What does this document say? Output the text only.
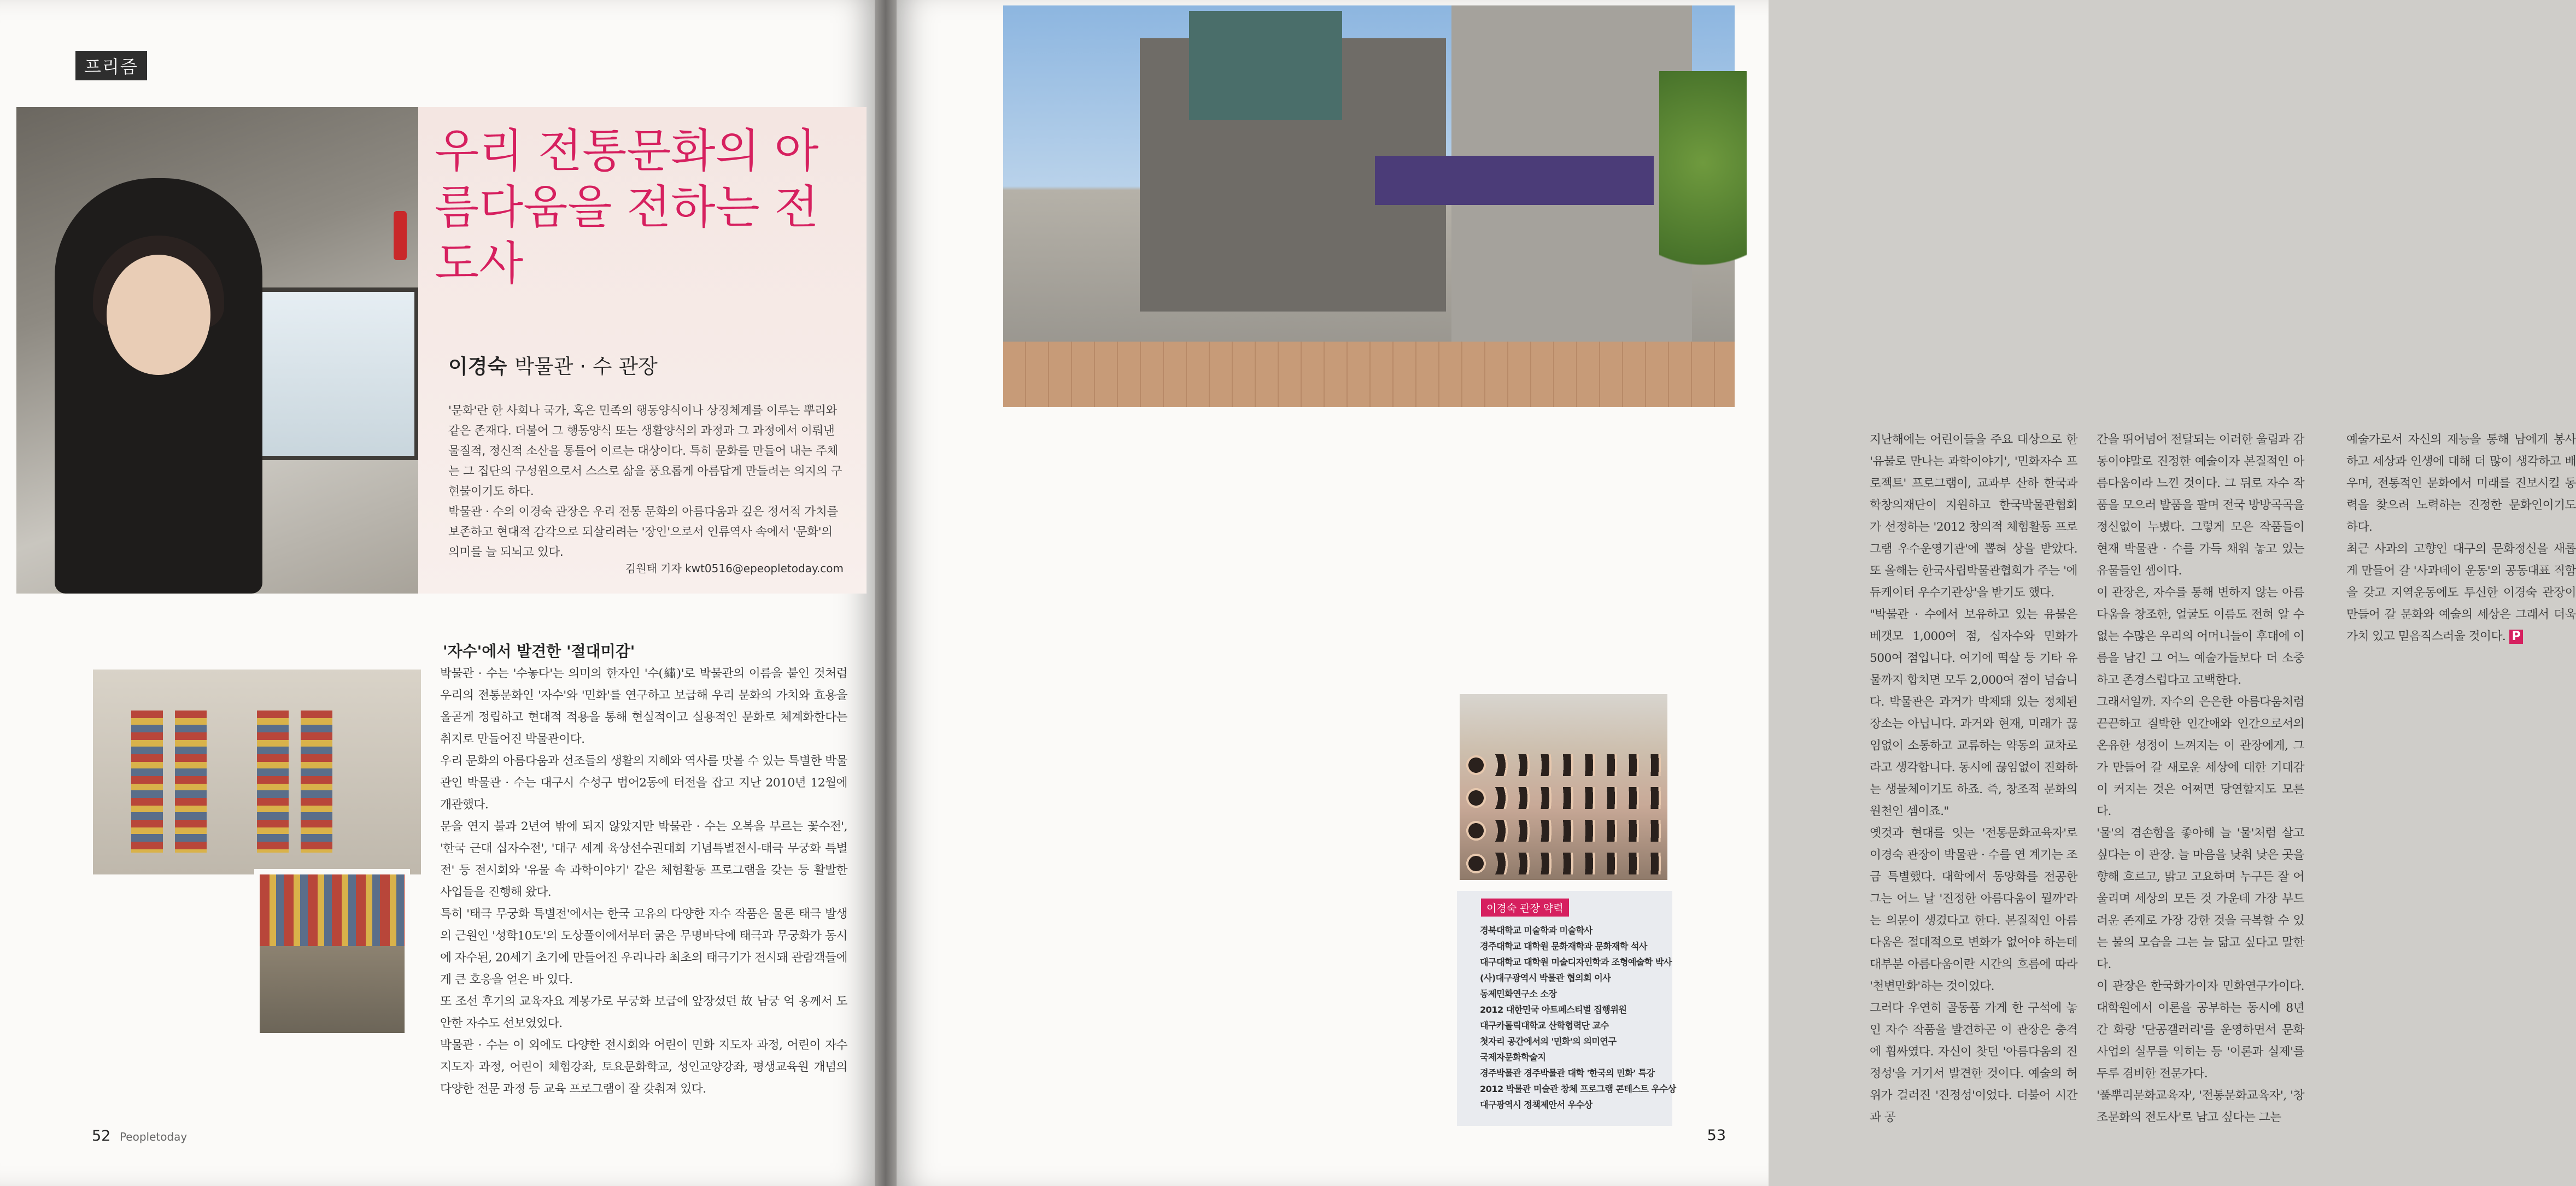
프리즘
우리 전통문화의 아름다움을 전하는 전도사
이경숙 박물관 · 수 관장

'문화'란 한 사회나 국가, 혹은 민족의 행동양식이나 상징체계를 이루는 뿌리와 같은 존재다. 더불어 그 행동양식 또는 생활양식의 과정과 그 과정에서 이뤄낸 물질적, 정신적 소산을 통틀어 이르는 대상이다. 특히 문화를 만들어 내는 주체는 그 집단의 구성원으로서 스스로 삶을 풍요롭게 아름답게 만들려는 의지의 구현물이기도 하다.

박물관 · 수의 이경숙 관장은 우리 전통 문화의 아름다움과 깊은 정서적 가치를 보존하고 현대적 감각으로 되살리려는 '장인'으로서 인류역사 속에서 '문화'의 의미를 늘 되뇌고 있다.

김원태 기자 kwt0516@epeopletoday.com
'자수'에서 발견한 '절대미감'

박물관 · 수는 '수놓다'는 의미의 한자인 '수(繡)'로 박물관의 이름을 붙인 것처럼 우리의 전통문화인 '자수'와 '민화'를 연구하고 보급해 우리 문화의 가치와 효용을 올곧게 정립하고 현대적 적용을 통해 현실적이고 실용적인 문화로 체계화한다는 취지로 만들어진 박물관이다.

우리 문화의 아름다움과 선조들의 생활의 지혜와 역사를 맛볼 수 있는 특별한 박물관인 박물관 · 수는 대구시 수성구 범어2동에 터전을 잡고 지난 2010년 12월에 개관했다.

문을 연지 불과 2년여 밖에 되지 않았지만 박물관 · 수는 오복을 부르는 꽃수전', '한국 근대 십자수전', '대구 세계 육상선수권대회 기념특별전시-태극 무궁화 특별전' 등 전시회와 '유물 속 과학이야기' 같은 체험활동 프로그램을 갖는 등 활발한 사업들을 진행해 왔다.

특히 '태극 무궁화 특별전'에서는 한국 고유의 다양한 자수 작품은 물론 태극 발생의 근원인 '성학10도'의 도상풀이에서부터 굵은 무명바닥에 태극과 무궁화가 동시에 자수된, 20세기 초기에 만들어진 우리나라 최초의 태극기가 전시돼 관람객들에게 큰 호응을 얻은 바 있다.

또 조선 후기의 교육자요 계몽가로 무궁화 보급에 앞장섰던 故 남궁 억 옹께서 도안한 자수도 선보였었다.

박물관 · 수는 이 외에도 다양한 전시회와 어린이 민화 지도자 과정, 어린이 자수 지도자 과정, 어린이 체험강좌, 토요문화학교, 성인교양강좌, 평생교육원 개념의 다양한 전문 과정 등 교육 프로그램이 잘 갖춰져 있다.

52 Peopletoday

지난해에는 어린이들을 주요 대상으로 한 '유물로 만나는 과학이야기', '민화자수 프로젝트' 프로그램이, 교과부 산하 한국과학창의재단이 지원하고 한국박물관협회가 선정하는 '2012 창의적 체험활동 프로그램 우수운영기관'에 뽑혀 상을 받았다. 또 올해는 한국사립박물관협회가 주는 '에듀케이터 우수기관상'을 받기도 했다.

"박물관 · 수에서 보유하고 있는 유물은 베갯모 1,000여 점, 십자수와 민화가 500여 점입니다. 여기에 떡살 등 기타 유물까지 합치면 모두 2,000여 점이 넘습니다. 박물관은 과거가 박제돼 있는 정체된 장소는 아닙니다. 과거와 현재, 미래가 끊임없이 소통하고 교류하는 약동의 교차로라고 생각합니다. 동시에 끊임없이 진화하는 생물체이기도 하죠. 즉, 창조적 문화의 원천인 셈이죠."

옛것과 현대를 잇는 '전통문화교육자'로 이경숙 관장이 박물관 · 수를 연 계기는 조금 특별했다. 대학에서 동양화를 전공한 그는 어느 날 '진정한 아름다움이 뭘까'라는 의문이 생겼다고 한다. 본질적인 아름다움은 절대적으로 변화가 없어야 하는데 대부분 아름다움이란 시간의 흐름에 따라 '천변만화'하는 것이었다.

그러다 우연히 골동품 가게 한 구석에 놓인 자수 작품을 발견하곤 이 관장은 충격에 휩싸였다. 자신이 찾던 '아름다움의 진정성'을 거기서 발견한 것이다. 예술의 허위가 걸러진 '진정성'이었다. 더불어 시간과 공

간을 뛰어넘어 전달되는 이러한 울림과 감동이야말로 진정한 예술이자 본질적인 아름다움이라 느낀 것이다. 그 뒤로 자수 작품을 모으러 발품을 팔며 전국 방방곡곡을 정신없이 누볐다. 그렇게 모은 작품들이 현재 박물관 · 수를 가득 채워 놓고 있는 유물들인 셈이다.

이 관장은, 자수를 통해 변하지 않는 아름다움을 창조한, 얼굴도 이름도 전혀 알 수 없는 수많은 우리의 어머니들이 후대에 이름을 남긴 그 어느 예술가들보다 더 소중하고 존경스럽다고 고백한다.

그래서일까. 자수의 은은한 아름다움처럼 끈끈하고 질박한 인간애와 인간으로서의 온유한 성정이 느껴지는 이 관장에게, 그가 만들어 갈 새로운 세상에 대한 기대감이 커지는 것은 어쩌면 당연할지도 모른다.

'물'의 겸손함을 좋아해 늘 '물'처럼 살고 싶다는 이 관장. 늘 마음을 낮춰 낮은 곳을 향해 흐르고, 맑고 고요하며 누구든 잘 어울리며 세상의 모든 것 가운데 가장 부드러운 존재로 가장 강한 것을 극복할 수 있는 물의 모습을 그는 늘 닮고 싶다고 말한다.

이 관장은 한국화가이자 민화연구가이다. 대학원에서 이론을 공부하는 동시에 8년간 화랑 '단공갤러리'를 운영하면서 문화사업의 실무를 익히는 등 '이론과 실제'를 두루 겸비한 전문가다.

'풀뿌리문화교육자', '전통문화교육자', '창조문화의 전도사'로 남고 싶다는 그는

예술가로서 자신의 재능을 통해 남에게 봉사하고 세상과 인생에 대해 더 많이 생각하고 배우며, 전통적인 문화에서 미래를 진보시킬 동력을 찾으려 노력하는 진정한 문화인이기도 하다.

최근 사과의 고향인 대구의 문화정신을 새롭게 만들어 갈 '사과데이 운동'의 공동대표 직함을 갖고 지역운동에도 투신한 이경숙 관장이 만들어 갈 문화와 예술의 세상은 그래서 더욱 가치 있고 믿음직스러울 것이다. P

이경숙 관장 약력
경북대학교 미술학과 미술학사
경주대학교 대학원 문화재학과 문화재학 석사
대구대학교 대학원 미술디자인학과 조형예술학 박사
(사)대구광역시 박물관 협의회 이사
동제민화연구소 소장
2012 대한민국 아트페스티벌 집행위원
대구카톨릭대학교 산학협력단 교수
첫자리 공간에서의 '민화'의 의미연구
국제자문화학술지
경주박물관 경주박물관 대학 '한국의 민화' 특강
2012 박물관 미술관 창체 프로그램 콘테스트 우수상
대구광역시 정책제안서 우수상
53
